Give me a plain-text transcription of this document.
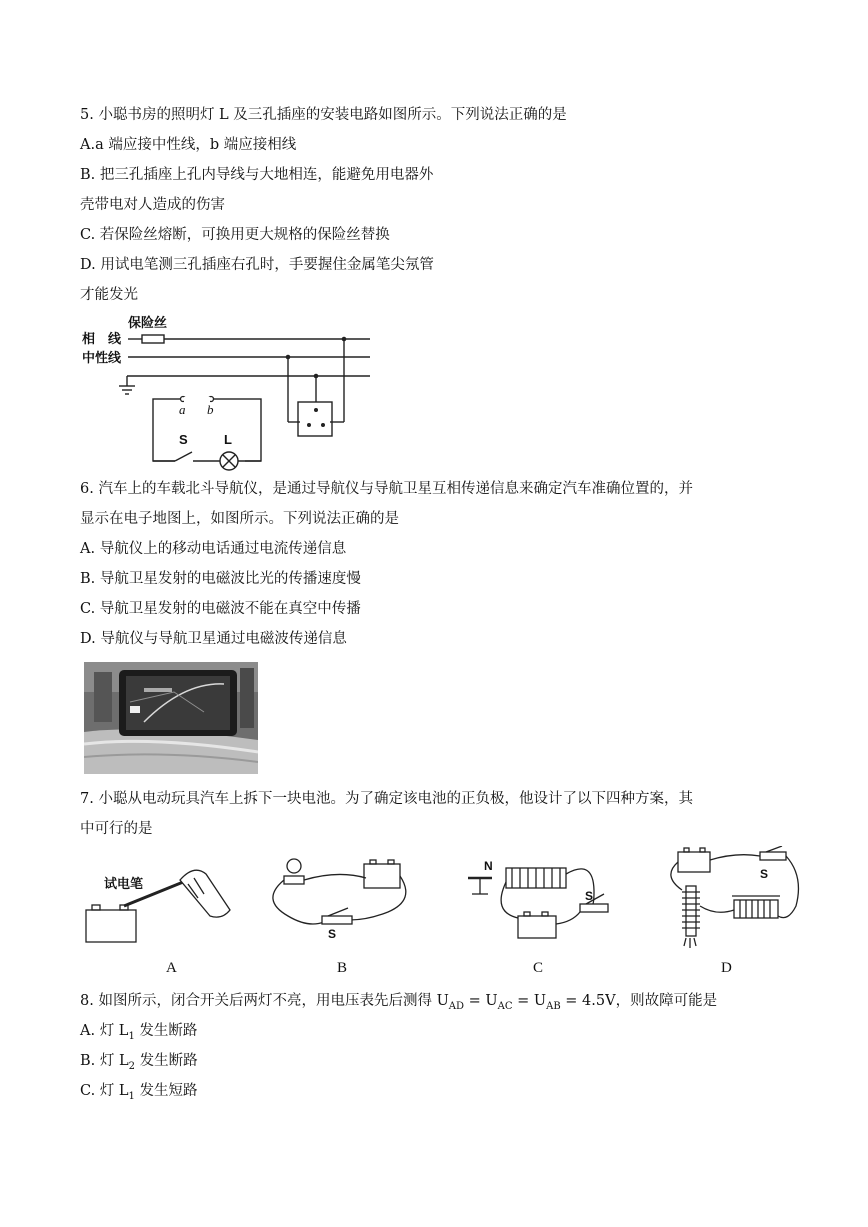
5. 小聪书房的照明灯 L 及三孔插座的安装电路如图所示。下列说法正确的是
A.a 端应接中性线，b 端应接相线
B. 把三孔插座上孔内导线与大地相连，能避免用电器外
壳带电对人造成的伤害
C. 若保险丝熔断，可换用更大规格的保险丝替换
D. 用试电笔测三孔插座右孔时，手要握住金属笔尖氖管
才能发光
相　线
保险丝
中性线
a b
S	L
6. 汽车上的车载北斗导航仪，是通过导航仪与导航卫星互相传递信息来确定汽车准确位置的，并
显示在电子地图上，如图所示。下列说法正确的是
A. 导航仪上的移动电话通过电流传递信息
B. 导航卫星发射的电磁波比光的传播速度慢
C. 导航卫星发射的电磁波不能在真空中传播
D. 导航仪与导航卫星通过电磁波传递信息
7. 小聪从电动玩具汽车上拆下一块电池。为了确定该电池的正负极，他设计了以下四种方案，其
中可行的是
试电笔
A
S
B
N
S
C
S
D
8. 如图所示，闭合开关后两灯不亮，用电压表先后测得 $U_{AD} = U_{AC} = U_{AB} = 4.5V$，则故障可能是
A. 灯 $L_1$ 发生断路
B. 灯 $L_2$ 发生断路
C. 灯 $L_1$ 发生短路
